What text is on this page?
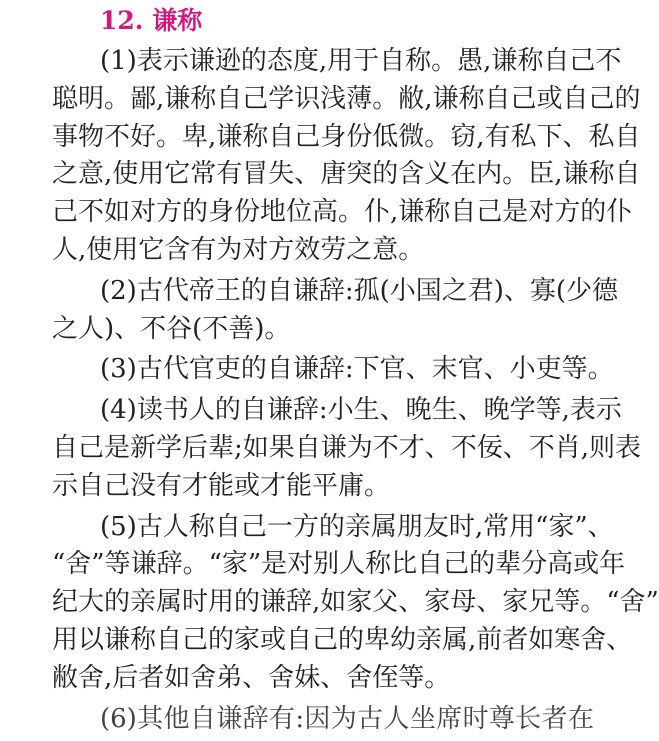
12. 谦称
(1)表示谦逊的态度,用于自称。愚,谦称自己不
聪明。鄙,谦称自己学识浅薄。敝,谦称自己或自己的
事物不好。卑,谦称自己身份低微。窃,有私下、私自
之意,使用它常有冒失、唐突的含义在内。臣,谦称自
己不如对方的身份地位高。仆,谦称自己是对方的仆
人,使用它含有为对方效劳之意。
(2)古代帝王的自谦辞:孤(小国之君)、寡(少德
之人)、不谷(不善)。
(3)古代官吏的自谦辞:下官、末官、小吏等。
(4)读书人的自谦辞:小生、晚生、晚学等,表示
自己是新学后辈;如果自谦为不才、不佞、不肖,则表
示自己没有才能或才能平庸。
(5)古人称自己一方的亲属朋友时,常用“家”、
“舍”等谦辞。“家”是对别人称比自己的辈分高或年
纪大的亲属时用的谦辞,如家父、家母、家兄等。“舍”
用以谦称自己的家或自己的卑幼亲属,前者如寒舍、
敝舍,后者如舍弟、舍妹、舍侄等。
(6)其他自谦辞有:因为古人坐席时尊长者在
